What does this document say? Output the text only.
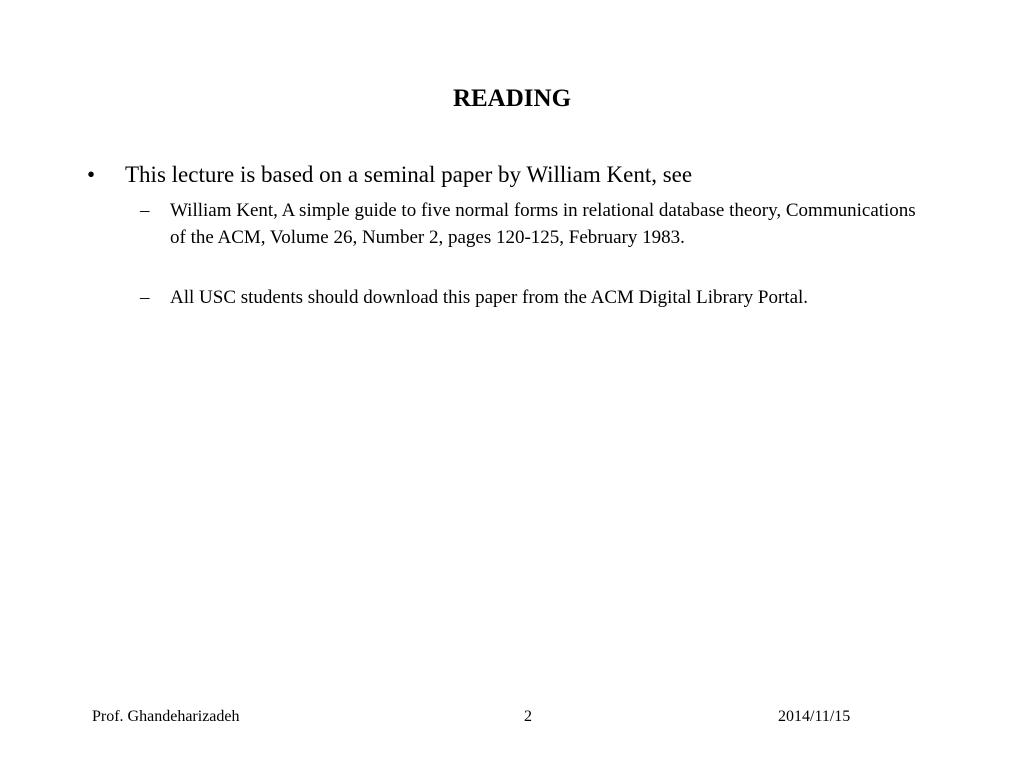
READING
• This lecture is based on a seminal paper by William Kent, see
– William Kent, A simple guide to five normal forms in relational database theory, Communications of the ACM, Volume 26, Number 2, pages 120-125, February 1983.
– All USC students should download this paper from the ACM Digital Library Portal.
Prof. Ghandeharizadeh	2	2014/11/15
